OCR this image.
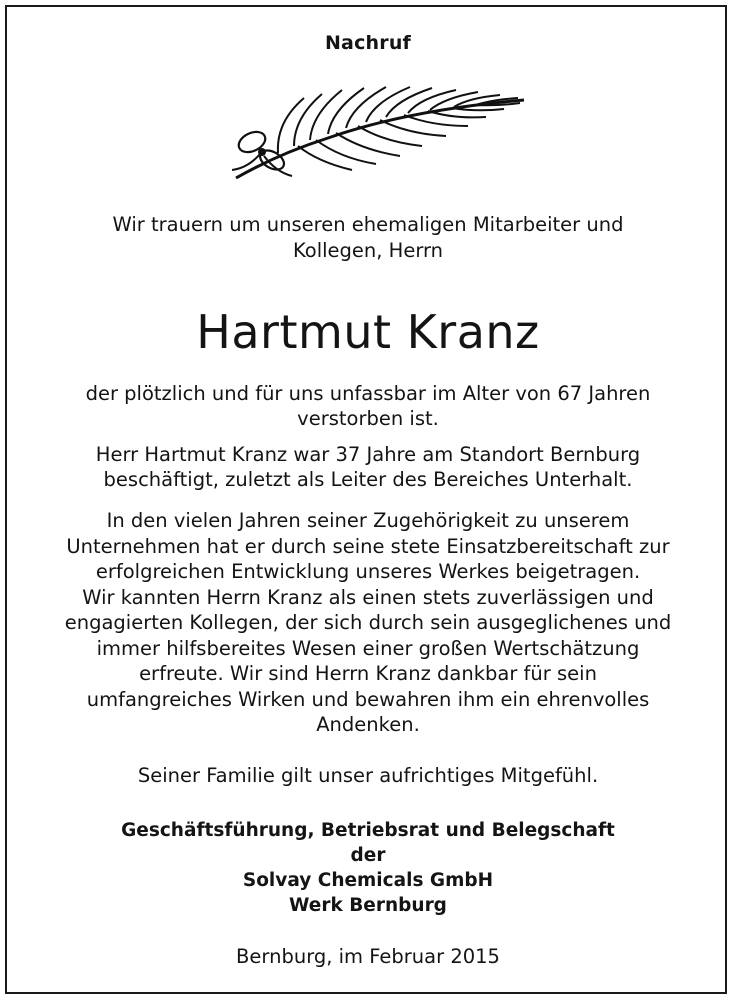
Nachruf
Wir trauern um unseren ehemaligen Mitarbeiter und
Kollegen, Herrn
Hartmut Kranz
der plötzlich und für uns unfassbar im Alter von 67 Jahren
verstorben ist.
Herr Hartmut Kranz war 37 Jahre am Standort Bernburg
beschäftigt, zuletzt als Leiter des Bereiches Unterhalt.
In den vielen Jahren seiner Zugehörigkeit zu unserem
Unternehmen hat er durch seine stete Einsatzbereitschaft zur
erfolgreichen Entwicklung unseres Werkes beigetragen.
Wir kannten Herrn Kranz als einen stets zuverlässigen und
engagierten Kollegen, der sich durch sein ausgeglichenes und
immer hilfsbereites Wesen einer großen Wertschätzung
erfreute. Wir sind Herrn Kranz dankbar für sein
umfangreiches Wirken und bewahren ihm ein ehrenvolles
Andenken.
Seiner Familie gilt unser aufrichtiges Mitgefühl.
Geschäftsführung, Betriebsrat und Belegschaft
der
Solvay Chemicals GmbH
Werk Bernburg
Bernburg, im Februar 2015
